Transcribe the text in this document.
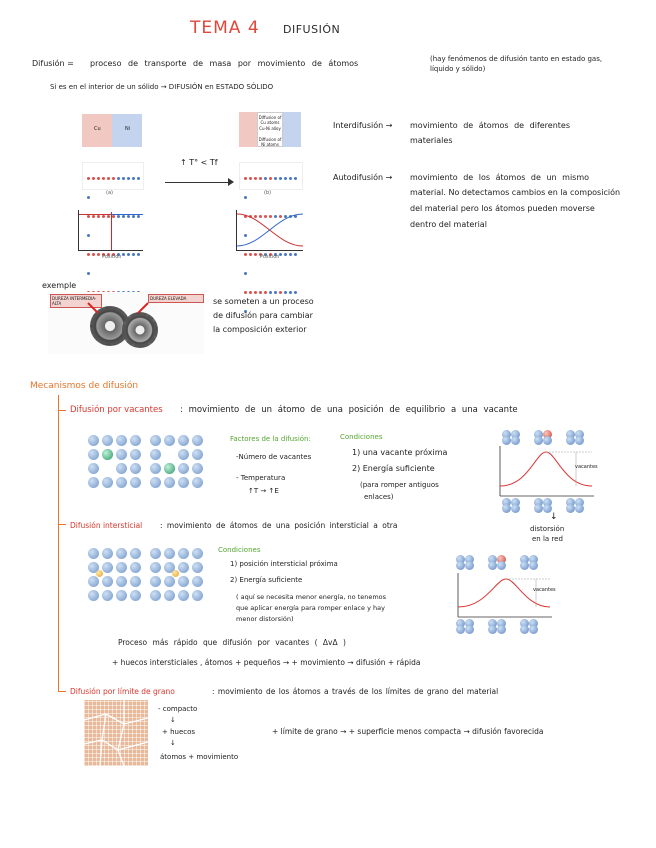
TEMA 4 DIFUSIÓN
Difusión = proceso de transporte de masa por movimiento de átomos	(hay fenómenos de difusión tanto en estado gas,
líquido y sólido)
Si es en el interior de un sólido → DIFUSIÓN en ESTADO SÓLIDO
Cu	Ni

Position
(a)
↑ T° < Tf
Diffusion of Cu atoms
Cu-Ni alloy
Diffusion of Ni atoms

Position
(b)
Interdifusión → movimiento de átomos de diferentes
materiales
Autodifusión → movimiento de los átomos de un mismo
material. No detectamos cambios en la composición
del material pero los átomos pueden moverse
dentro del material
exemple
DUREZA INTERMEDIA-ALTA
DUREZA ELEVADA	se someten a un proceso
de difusión para cambiar
la composición exterior
Mecanismos de difusión
Difusión por vacantes : movimiento de un átomo de una posición de equilibrio a una vacante
Factores de la difusión:
-Número de vacantes
- Temperatura
↑T → ↑E
Condiciones
1) una vacante próxima
2) Energía suficiente
(para romper antiguos
enlaces)
vacantes
↓
distorsión
en la red
Difusión intersticial : movimiento de átomos de una posición intersticial a otra
Condiciones
1) posición intersticial próxima
2) Energía suficiente
( aquí se necesita menor energía, no tenemos
que aplicar energía para romper enlace y hay
menor distorsión)
vacantes
Proceso más rápido que difusión por vacantes ( ΔvΔ )
+ huecos intersticiales , átomos + pequeños → + movimiento → difusión + rápida
Difusión por límite de grano	: movimiento de los átomos a través de los límites de grano del material
- compacto
↓
+ huecos
↓
átomos + movimiento
+ límite de grano → + superficie menos compacta → difusión favorecida
